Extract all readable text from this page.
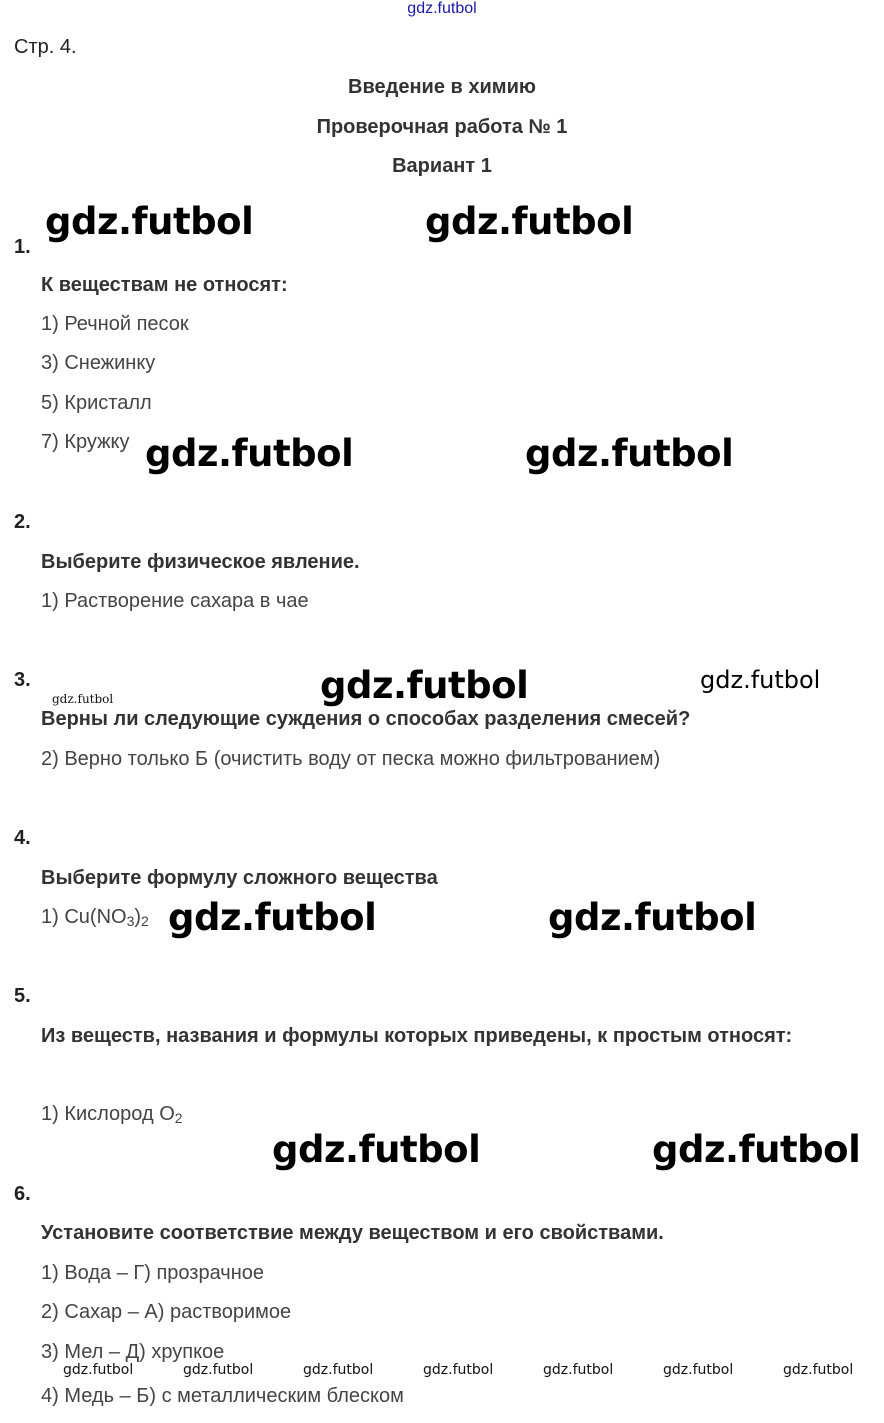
gdz.futbol
Стр. 4.
Введение в химию
Проверочная работа № 1
Вариант 1
1.
К веществам не относят:
1) Речной песок
3) Снежинку
5) Кристалл
7) Кружку
2.
Выберите физическое явление.
1) Растворение сахара в чае
3.
Верны ли следующие суждения о способах разделения смесей?
2) Верно только Б (очистить воду от песка можно фильтрованием)
4.
Выберите формулу сложного вещества
1) $Cu(NO_3)_2$
5.
Из веществ, названия и формулы которых приведены, к простым относят:
1) Кислород $O_2$
6.
Установите соответствие между веществом и его свойствами.
1) Вода – Г) прозрачное
2) Сахар – А) растворимое
3) Мел – Д) хрупкое
4) Медь – Б) с металлическим блеском
gdz.futbol	gdz.futbol
gdz.futbol	gdz.futbol
gdz.futbol	gdz.futbol	gdz.futbol
gdz.futbol	gdz.futbol
gdz.futbol	gdz.futbol
gdz.futbol	gdz.futbol	gdz.futbol	gdz.futbol	gdz.futbol	gdz.futbol	gdz.futbol
